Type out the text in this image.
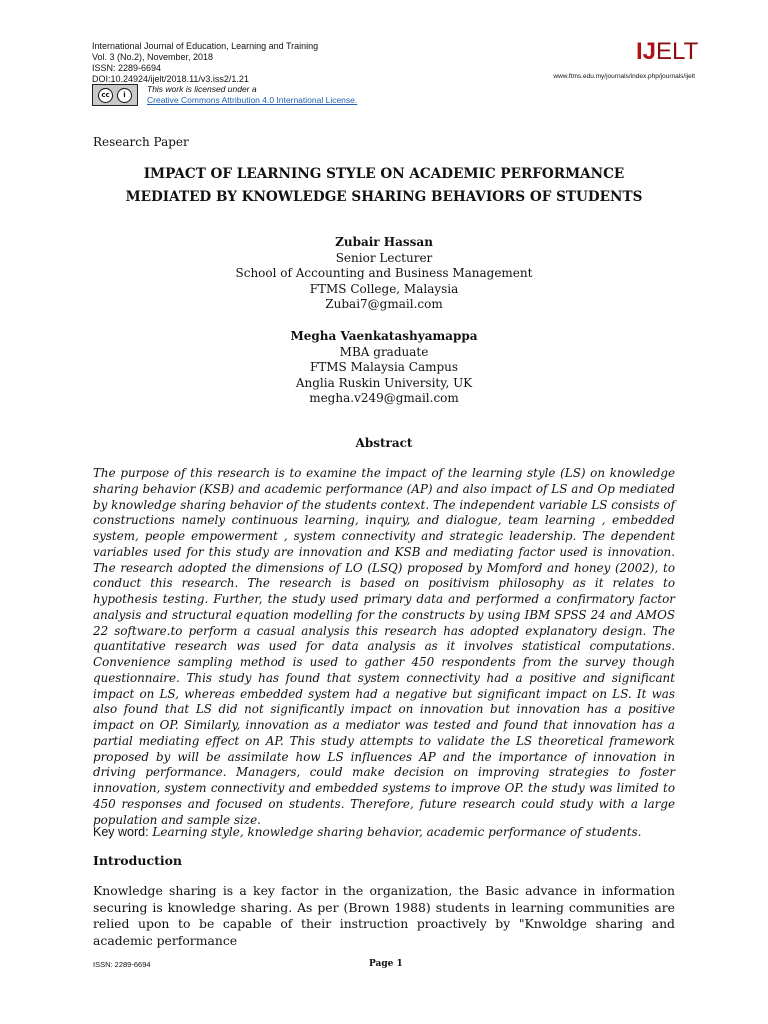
International Journal of Education, Learning and Training
Vol. 3 (No.2), November, 2018
ISSN: 2289-6694
DOI:10.24924/ijelt/2018.11/v3.iss2/1.21
cc	i
This work is licensed under a
Creative Commons Attribution 4.0 International License.
IJELT
www.ftms.edu.my/journals/index.php/journals/ijelt
Research Paper
IMPACT OF LEARNING STYLE ON ACADEMIC PERFORMANCE
MEDIATED BY KNOWLEDGE SHARING BEHAVIORS OF STUDENTS
Zubair Hassan
Senior Lecturer
School of Accounting and Business Management
FTMS College, Malaysia
Zubai7@gmail.com
Megha Vaenkatashyamappa
MBA graduate
FTMS Malaysia Campus
Anglia Ruskin University, UK
megha.v249@gmail.com
Abstract
The purpose of this research is to examine the impact of the learning style (LS) on knowledge sharing behavior (KSB) and academic performance (AP) and also impact of LS and Op mediated by knowledge sharing behavior of the students context. The independent variable LS consists of constructions namely continuous learning, inquiry, and dialogue, team learning , embedded system, people empowerment , system connectivity and strategic leadership. The dependent variables used for this study are innovation and KSB and mediating factor used is innovation. The research adopted the dimensions of LO (LSQ) proposed by Momford and honey (2002), to conduct this research. The research is based on positivism philosophy as it relates to hypothesis testing. Further, the study used primary data and performed a confirmatory factor analysis and structural equation modelling for the constructs by using IBM SPSS 24 and AMOS 22 software.to perform a casual analysis this research has adopted explanatory design. The quantitative research was used for data analysis as it involves statistical computations. Convenience sampling method is used to gather 450 respondents from the survey though questionnaire. This study has found that system connectivity had a positive and significant impact on LS, whereas embedded system had a negative but significant impact on LS. It was also found that LS did not significantly impact on innovation but innovation has a positive impact on OP. Similarly, innovation as a mediator was tested and found that innovation has a partial mediating effect on AP. This study attempts to validate the LS theoretical framework proposed by will be assimilate how LS influences AP and the importance of innovation in driving performance. Managers, could make decision on improving strategies to foster innovation, system connectivity and embedded systems to improve OP. the study was limited to 450 responses and focused on students. Therefore, future research could study with a large population and sample size.
Key word: Learning style, knowledge sharing behavior, academic performance of students.
Introduction
Knowledge sharing is a key factor in the organization, the Basic advance in information securing is knowledge sharing. As per (Brown 1988) students in learning communities are relied upon to be capable of their instruction proactively by "Knwoldge sharing and academic performance
ISSN: 2289-6694	Page 1
